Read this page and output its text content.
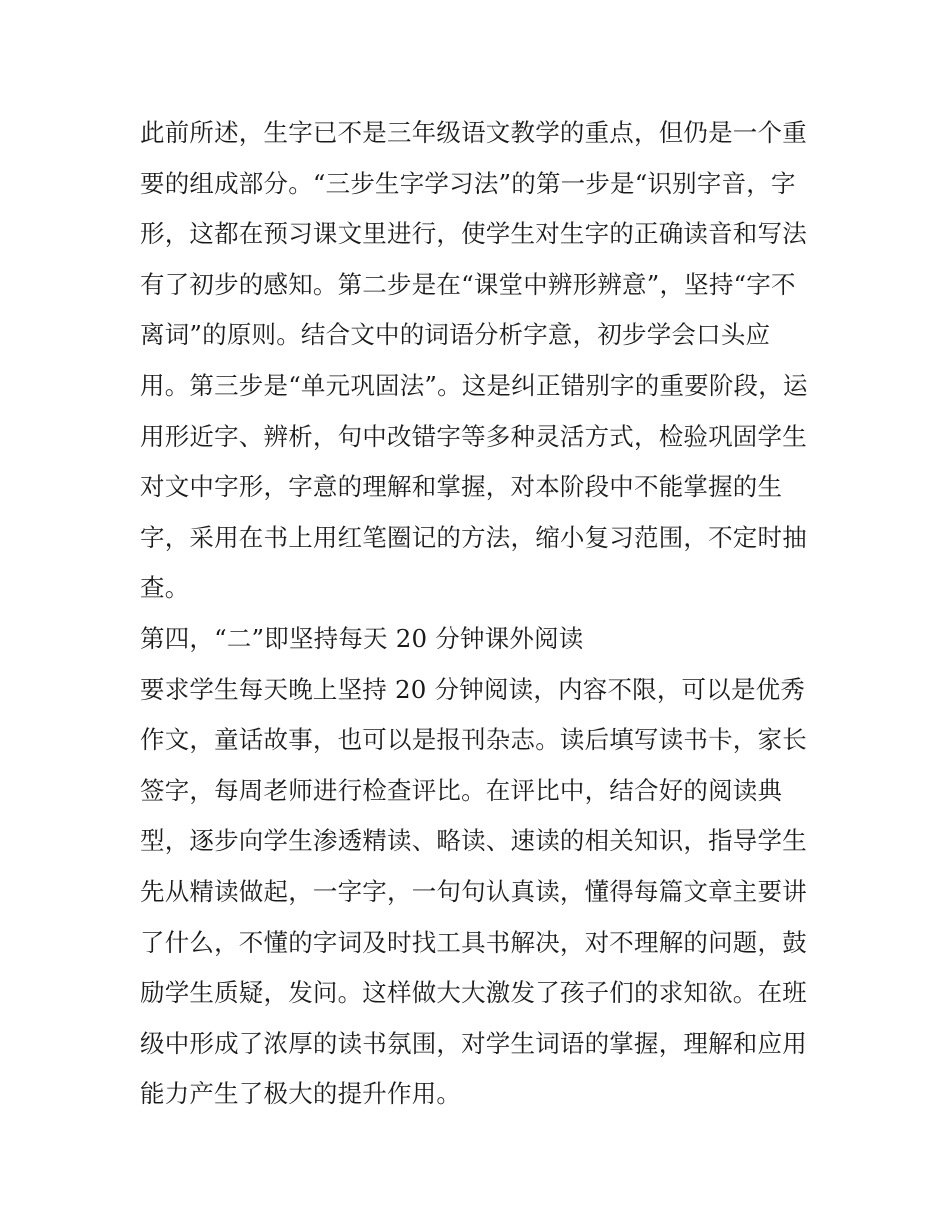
此前所述，生字已不是三年级语文教学的重点，但仍是一个重
要的组成部分。“三步生字学习法”的第一步是“识别字音，字
形，这都在预习课文里进行，使学生对生字的正确读音和写法
有了初步的感知。第二步是在“课堂中辨形辨意”，坚持“字不
离词”的原则。结合文中的词语分析字意，初步学会口头应
用。第三步是“单元巩固法”。这是纠正错别字的重要阶段，运
用形近字、辨析，句中改错字等多种灵活方式，检验巩固学生
对文中字形，字意的理解和掌握，对本阶段中不能掌握的生
字，采用在书上用红笔圈记的方法，缩小复习范围，不定时抽
查。
第四，“二”即坚持每天 20 分钟课外阅读
要求学生每天晚上坚持 20 分钟阅读，内容不限，可以是优秀
作文，童话故事，也可以是报刊杂志。读后填写读书卡，家长
签字，每周老师进行检查评比。在评比中，结合好的阅读典
型，逐步向学生渗透精读、略读、速读的相关知识，指导学生
先从精读做起，一字字，一句句认真读，懂得每篇文章主要讲
了什么，不懂的字词及时找工具书解决，对不理解的问题，鼓
励学生质疑，发问。这样做大大激发了孩子们的求知欲。在班
级中形成了浓厚的读书氛围，对学生词语的掌握，理解和应用
能力产生了极大的提升作用。
